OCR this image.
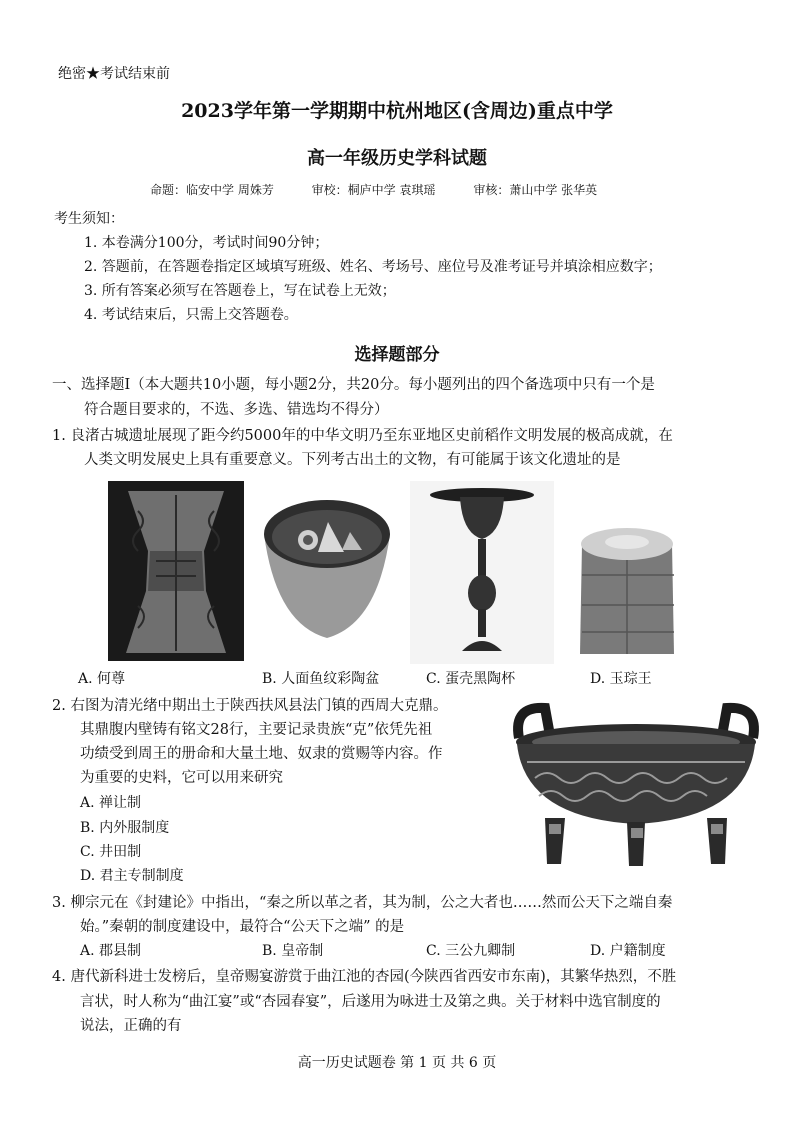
绝密★考试结束前
2023学年第一学期期中杭州地区(含周边)重点中学
高一年级历史学科试题
命题：临安中学 周姝芳	审校：桐庐中学 袁琪瑶	审核：萧山中学 张华英
考生须知：
1. 本卷满分100分，考试时间90分钟；
2. 答题前，在答题卷指定区域填写班级、姓名、考场号、座位号及准考证号并填涂相应数字；
3. 所有答案必须写在答题卷上，写在试卷上无效；
4. 考试结束后，只需上交答题卷。
选择题部分
一、选择题Ⅰ（本大题共10小题，每小题2分，共20分。每小题列出的四个备选项中只有一个是
符合题目要求的，不选、多选、错选均不得分）
1. 良渚古城遗址展现了距今约5000年的中华文明乃至东亚地区史前稻作文明发展的极高成就，在
人类文明发展史上具有重要意义。下列考古出土的文物，有可能属于该文化遗址的是
A. 何尊	B. 人面鱼纹彩陶盆	C. 蛋壳黑陶杯	D. 玉琮王
2. 右图为清光绪中期出土于陕西扶风县法门镇的西周大克鼎。
其鼎腹内壁铸有铭文28行，主要记录贵族“克”依凭先祖
功绩受到周王的册命和大量土地、奴隶的赏赐等内容。作
为重要的史料，它可以用来研究
A. 禅让制
B. 内外服制度
C. 井田制
D. 君主专制制度
3. 柳宗元在《封建论》中指出，“秦之所以革之者，其为制，公之大者也……然而公天下之端自秦
始。”秦朝的制度建设中，最符合“公天下之端” 的是
A. 郡县制	B. 皇帝制	C. 三公九卿制	D. 户籍制度
4. 唐代新科进士发榜后，皇帝赐宴游赏于曲江池的杏园(今陕西省西安市东南)，其繁华热烈，不胜
言状，时人称为“曲江宴”或“杏园春宴”，后遂用为咏进士及第之典。关于材料中选官制度的
说法，正确的有
高一历史试题卷 第 1 页 共 6 页
